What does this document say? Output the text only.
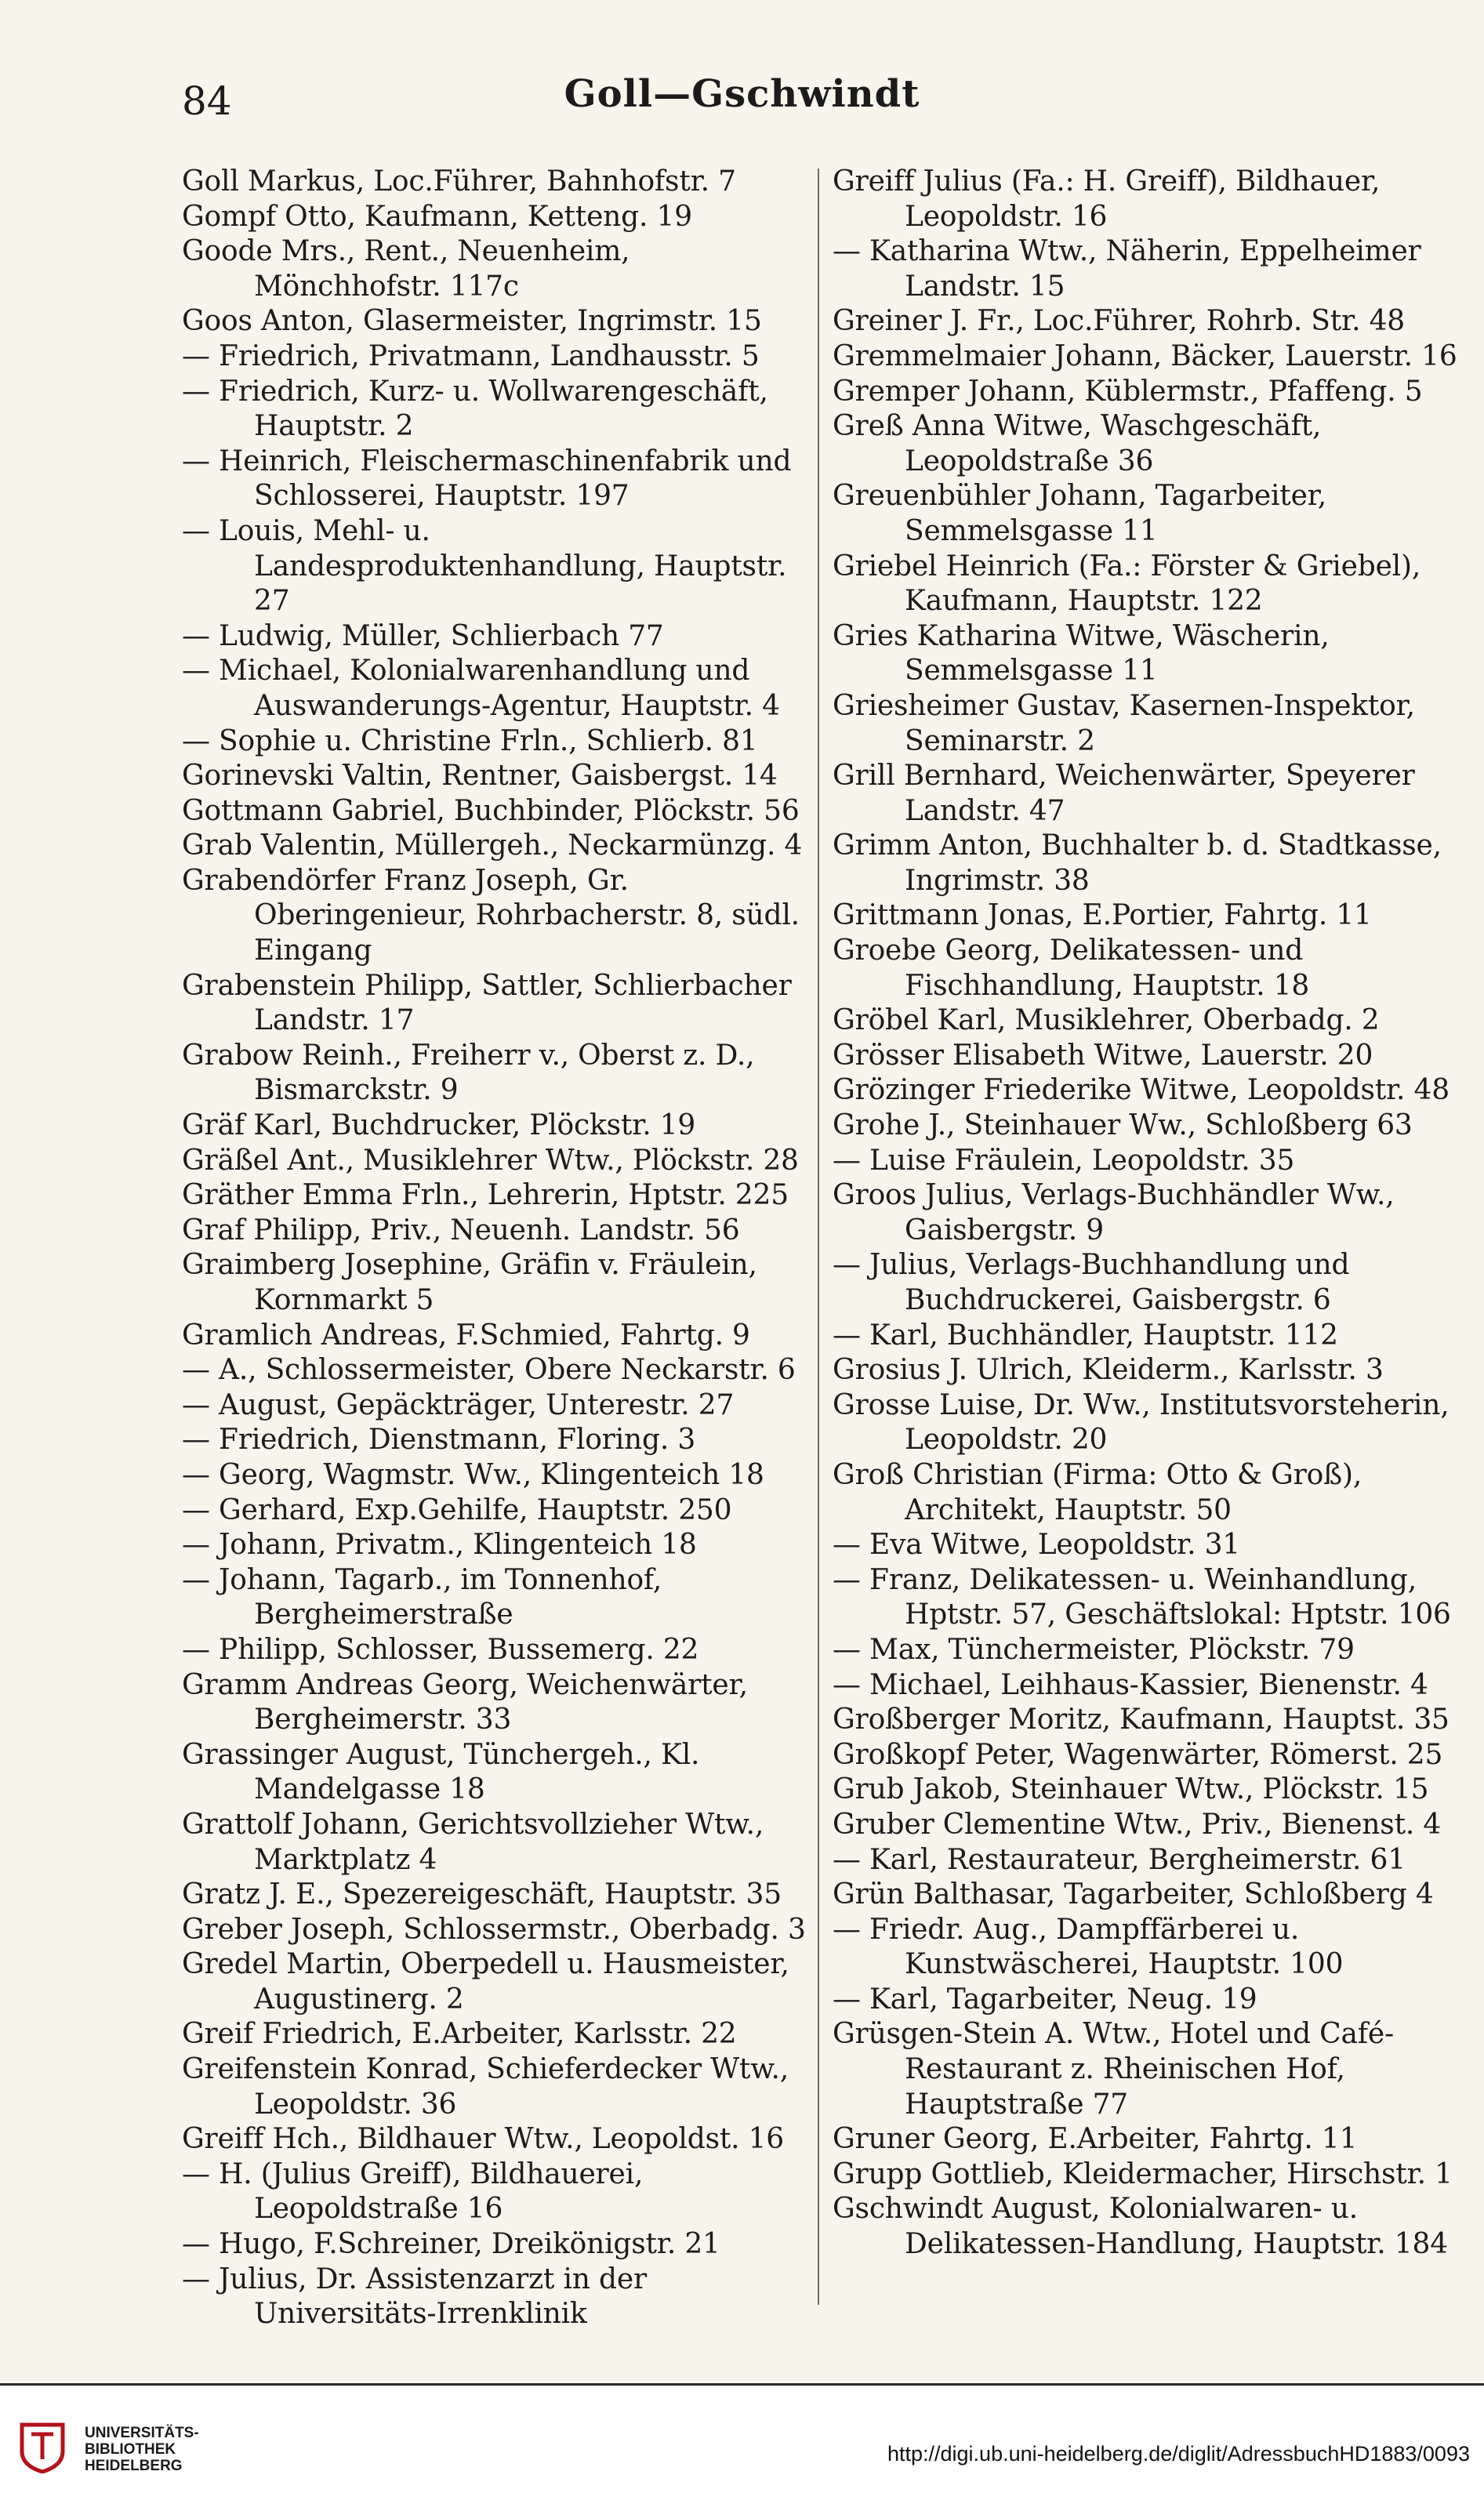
84	Goll—Gschwindt
Goll Markus, Loc.Führer, Bahnhofstr. 7
Gompf Otto, Kaufmann, Ketteng. 19
Goode Mrs., Rent., Neuenheim, Mönchhofstr. 117c
Goos Anton, Glasermeister, Ingrimstr. 15
— Friedrich, Privatmann, Landhausstr. 5
— Friedrich, Kurz- u. Wollwarengeschäft, Hauptstr. 2
— Heinrich, Fleischermaschinenfabrik und Schlosserei, Hauptstr. 197
— Louis, Mehl- u. Landesproduktenhandlung, Hauptstr. 27
— Ludwig, Müller, Schlierbach 77
— Michael, Kolonialwarenhandlung und Auswanderungs-Agentur, Hauptstr. 4
— Sophie u. Christine Frln., Schlierb. 81
Gorinevski Valtin, Rentner, Gaisbergst. 14
Gottmann Gabriel, Buchbinder, Plöckstr. 56
Grab Valentin, Müllergeh., Neckarmünzg. 4
Grabendörfer Franz Joseph, Gr. Oberingenieur, Rohrbacherstr. 8, südl. Eingang
Grabenstein Philipp, Sattler, Schlierbacher Landstr. 17
Grabow Reinh., Freiherr v., Oberst z. D., Bismarckstr. 9
Gräf Karl, Buchdrucker, Plöckstr. 19
Gräßel Ant., Musiklehrer Wtw., Plöckstr. 28
Gräther Emma Frln., Lehrerin, Hptstr. 225
Graf Philipp, Priv., Neuenh. Landstr. 56
Graimberg Josephine, Gräfin v. Fräulein, Kornmarkt 5
Gramlich Andreas, F.Schmied, Fahrtg. 9
— A., Schlossermeister, Obere Neckarstr. 6
— August, Gepäckträger, Unterestr. 27
— Friedrich, Dienstmann, Floring. 3
— Georg, Wagmstr. Ww., Klingenteich 18
— Gerhard, Exp.Gehilfe, Hauptstr. 250
— Johann, Privatm., Klingenteich 18
— Johann, Tagarb., im Tonnenhof, Bergheimerstraße
— Philipp, Schlosser, Bussemerg. 22
Gramm Andreas Georg, Weichenwärter, Bergheimerstr. 33
Grassinger August, Tünchergeh., Kl. Mandelgasse 18
Grattolf Johann, Gerichtsvollzieher Wtw., Marktplatz 4
Gratz J. E., Spezereigeschäft, Hauptstr. 35
Greber Joseph, Schlossermstr., Oberbadg. 3
Gredel Martin, Oberpedell u. Hausmeister, Augustinerg. 2
Greif Friedrich, E.Arbeiter, Karlsstr. 22
Greifenstein Konrad, Schieferdecker Wtw., Leopoldstr. 36
Greiff Hch., Bildhauer Wtw., Leopoldst. 16
— H. (Julius Greiff), Bildhauerei, Leopoldstraße 16
— Hugo, F.Schreiner, Dreikönigstr. 21
— Julius, Dr. Assistenzarzt in der Universitäts-Irrenklinik
Greiff Julius (Fa.: H. Greiff), Bildhauer, Leopoldstr. 16
— Katharina Wtw., Näherin, Eppelheimer Landstr. 15
Greiner J. Fr., Loc.Führer, Rohrb. Str. 48
Gremmelmaier Johann, Bäcker, Lauerstr. 16
Gremper Johann, Küblermstr., Pfaffeng. 5
Greß Anna Witwe, Waschgeschäft, Leopoldstraße 36
Greuenbühler Johann, Tagarbeiter, Semmelsgasse 11
Griebel Heinrich (Fa.: Förster & Griebel), Kaufmann, Hauptstr. 122
Gries Katharina Witwe, Wäscherin, Semmelsgasse 11
Griesheimer Gustav, Kasernen-Inspektor, Seminarstr. 2
Grill Bernhard, Weichenwärter, Speyerer Landstr. 47
Grimm Anton, Buchhalter b. d. Stadtkasse, Ingrimstr. 38
Grittmann Jonas, E.Portier, Fahrtg. 11
Groebe Georg, Delikatessen- und Fischhandlung, Hauptstr. 18
Gröbel Karl, Musiklehrer, Oberbadg. 2
Grösser Elisabeth Witwe, Lauerstr. 20
Grözinger Friederike Witwe, Leopoldstr. 48
Grohe J., Steinhauer Ww., Schloßberg 63
— Luise Fräulein, Leopoldstr. 35
Groos Julius, Verlags-Buchhändler Ww., Gaisbergstr. 9
— Julius, Verlags-Buchhandlung und Buchdruckerei, Gaisbergstr. 6
— Karl, Buchhändler, Hauptstr. 112
Grosius J. Ulrich, Kleiderm., Karlsstr. 3
Grosse Luise, Dr. Ww., Institutsvorsteherin, Leopoldstr. 20
Groß Christian (Firma: Otto & Groß), Architekt, Hauptstr. 50
— Eva Witwe, Leopoldstr. 31
— Franz, Delikatessen- u. Weinhandlung, Hptstr. 57, Geschäftslokal: Hptstr. 106
— Max, Tünchermeister, Plöckstr. 79
— Michael, Leihhaus-Kassier, Bienenstr. 4
Großberger Moritz, Kaufmann, Hauptst. 35
Großkopf Peter, Wagenwärter, Römerst. 25
Grub Jakob, Steinhauer Wtw., Plöckstr. 15
Gruber Clementine Wtw., Priv., Bienenst. 4
— Karl, Restaurateur, Bergheimerstr. 61
Grün Balthasar, Tagarbeiter, Schloßberg 4
— Friedr. Aug., Dampffärberei u. Kunstwäscherei, Hauptstr. 100
— Karl, Tagarbeiter, Neug. 19
Grüsgen-Stein A. Wtw., Hotel und Café-Restaurant z. Rheinischen Hof, Hauptstraße 77
Gruner Georg, E.Arbeiter, Fahrtg. 11
Grupp Gottlieb, Kleidermacher, Hirschstr. 1
Gschwindt August, Kolonialwaren- u. Delikatessen-Handlung, Hauptstr. 184
UNIVERSITÄTS-
BIBLIOTHEK
HEIDELBERG
http://digi.ub.uni-heidelberg.de/diglit/AdressbuchHD1883/0093
